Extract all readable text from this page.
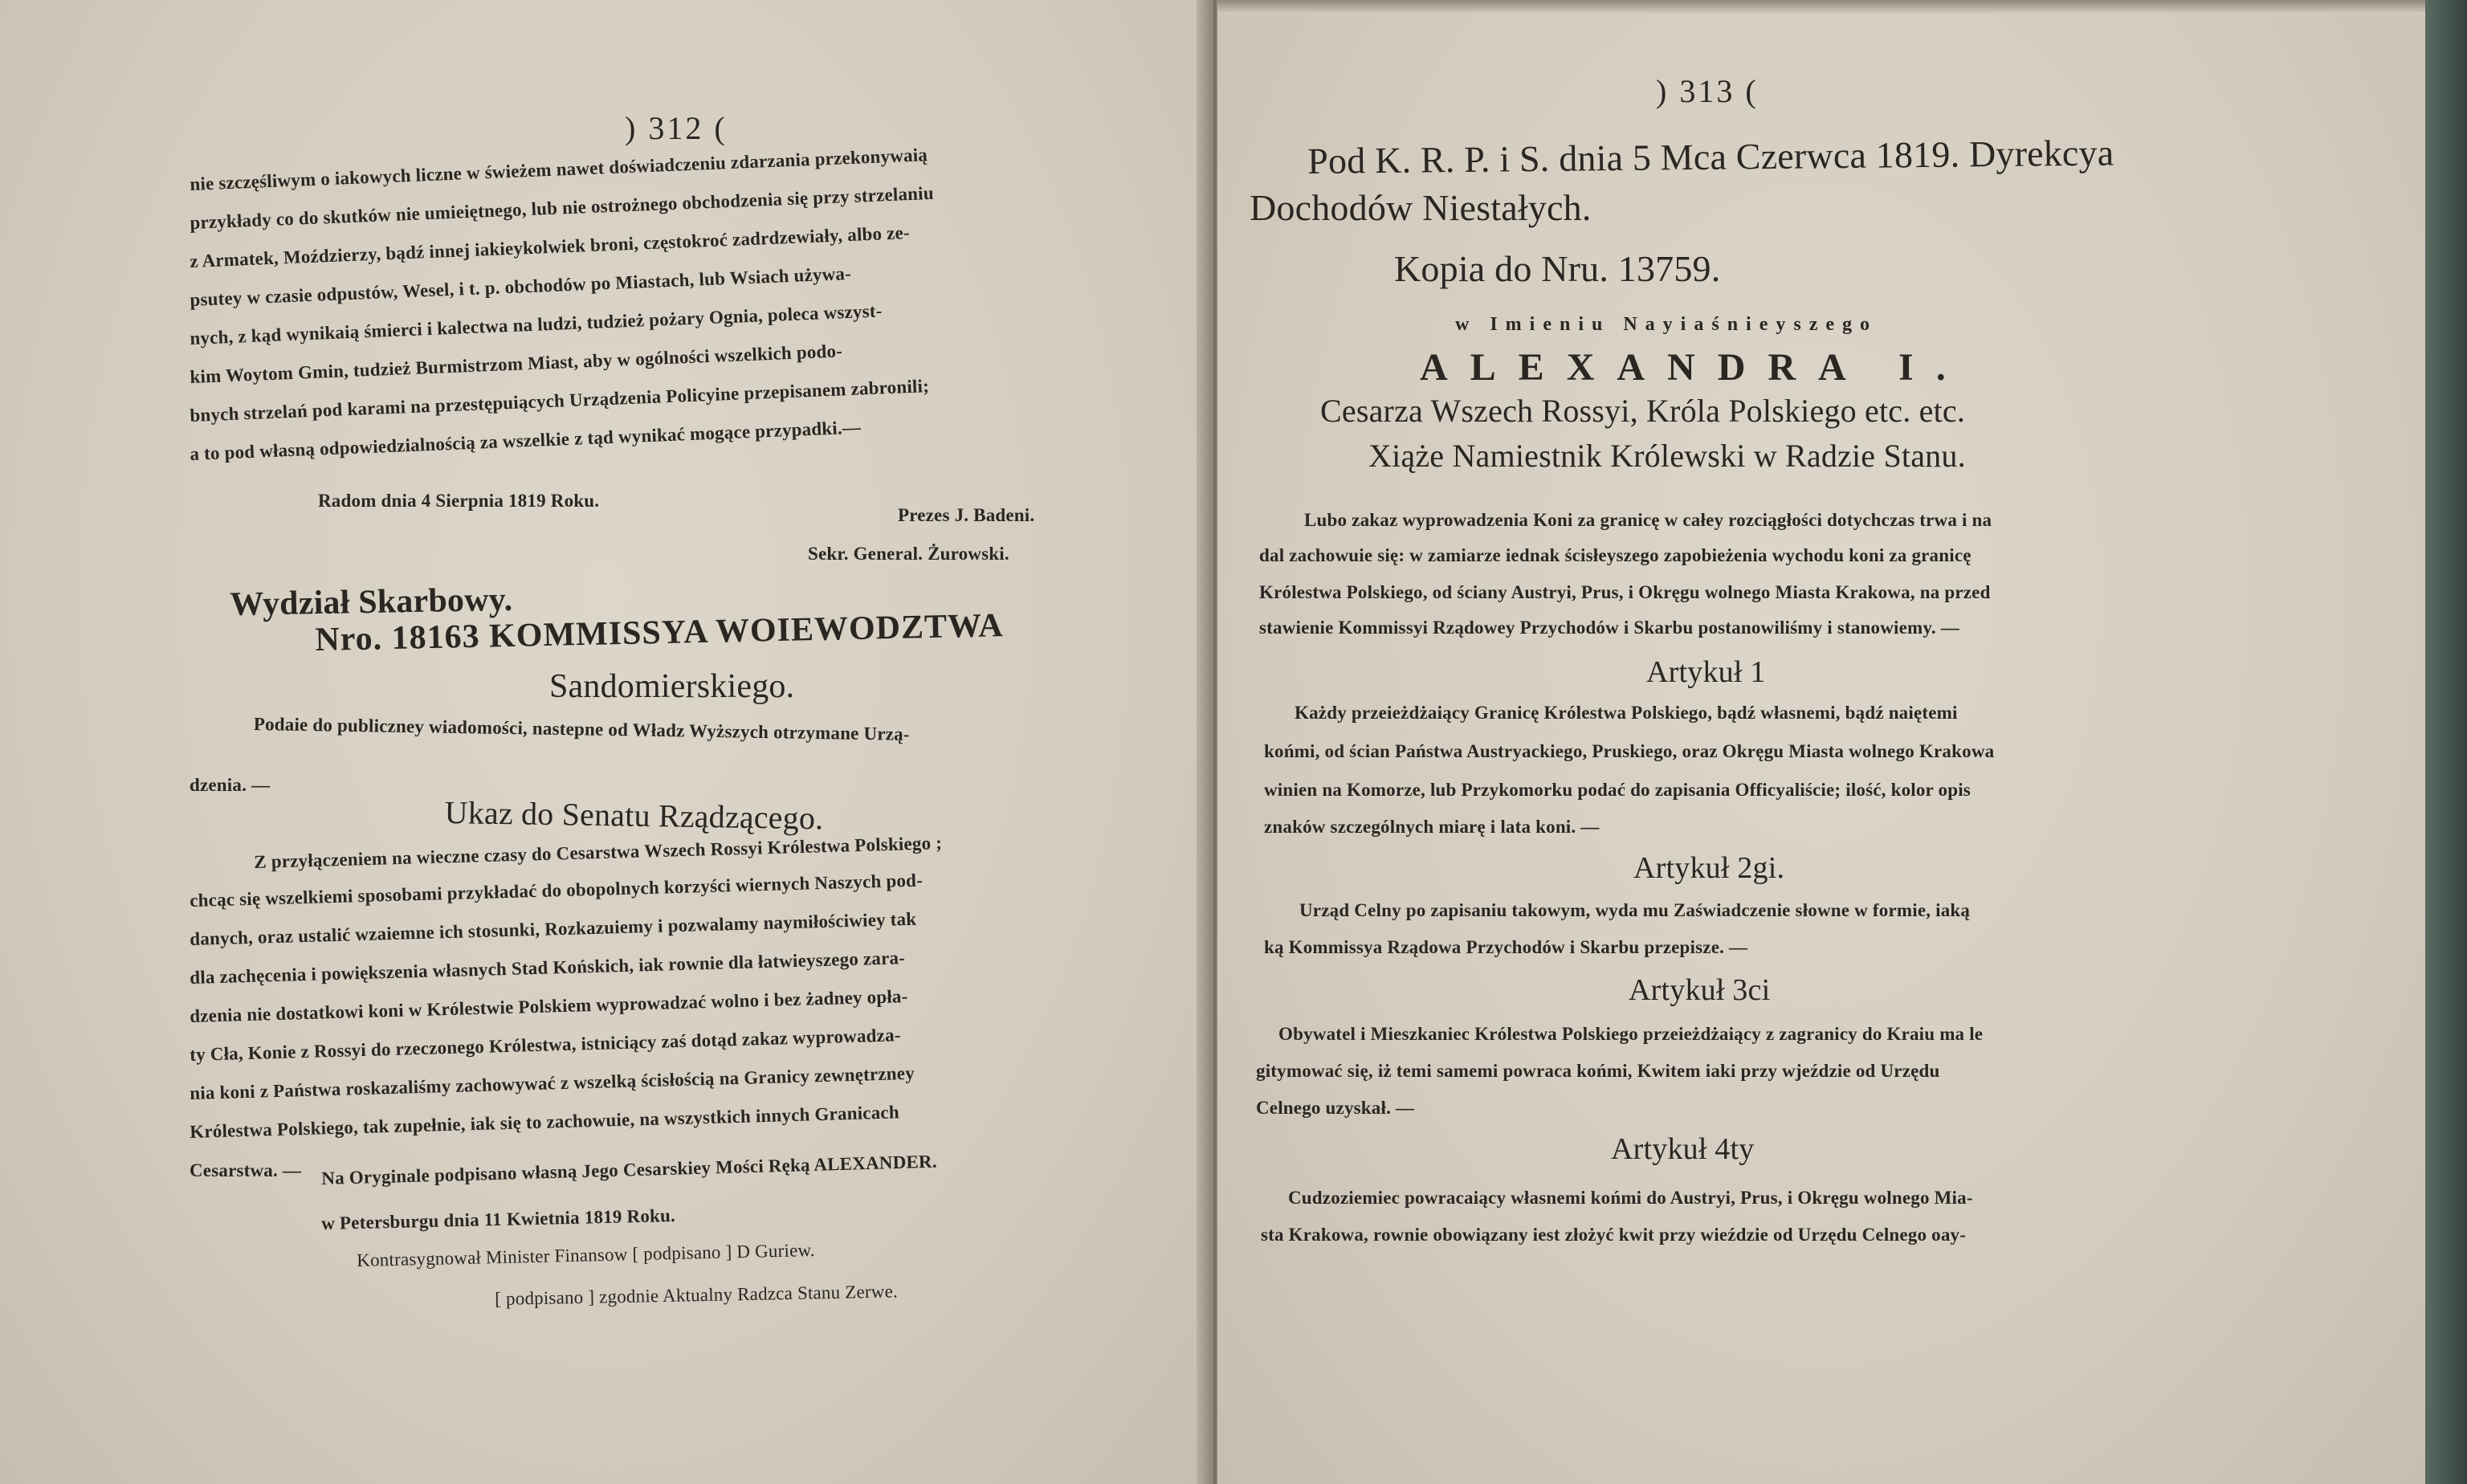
) 312 (
nie szczęśliwym o iakowych liczne w świeżem nawet doświadczeniu zdarzania przekonywaią
przykłady co do skutków nie umieiętnego, lub nie ostrożnego obchodzenia się przy strzelaniu
z Armatek, Moździerzy, bądź innej iakieykolwiek broni, częstokroć zadrdzewiały, albo ze-
psutey w czasie odpustów, Wesel, i t. p. obchodów po Miastach, lub Wsiach używa-
nych, z kąd wynikaią śmierci i kalectwa na ludzi, tudzież pożary Ognia, poleca wszyst-
kim Woytom Gmin, tudzież Burmistrzom Miast, aby w ogólności wszelkich podo-
bnych strzelań pod karami na przestępuiących Urządzenia Policyine przepisanem zabronili;
a to pod własną odpowiedzialnością za wszelkie z tąd wynikać mogące przypadki.—
Radom dnia 4 Sierpnia 1819 Roku.
Prezes J. Badeni.
Sekr. General. Żurowski.
Wydział Skarbowy.
Nro. 18163 KOMMISSYA WOIEWODZTWA
Sandomierskiego.
Podaie do publiczney wiadomości, nastepne od Władz Wyższych otrzymane Urzą-
dzenia. —
Ukaz do Senatu Rządzącego.
Z przyłączeniem na wieczne czasy do Cesarstwa Wszech Rossyi Królestwa Polskiego ;
chcąc się wszelkiemi sposobami przykładać do obopolnych korzyści wiernych Naszych pod-
danych, oraz ustalić wzaiemne ich stosunki, Rozkazuiemy i pozwalamy naymiłościwiey tak
dla zachęcenia i powiększenia własnych Stad Końskich, iak rownie dla łatwieyszego zara-
dzenia nie dostatkowi koni w Królestwie Polskiem wyprowadzać wolno i bez żadney opła-
ty Cła, Konie z Rossyi do rzeczonego Królestwa, istniciący zaś dotąd zakaz wyprowadza-
nia koni z Państwa roskazaliśmy zachowywać z wszelką ścisłością na Granicy zewnętrzney
Królestwa Polskiego, tak zupełnie, iak się to zachowuie, na wszystkich innych Granicach
Cesarstwa. — Na Oryginale podpisano własną Jego Cesarskiey Mości Ręką ALEXANDER.
w Petersburgu dnia 11 Kwietnia 1819 Roku.
Kontrasygnował Minister Finansow [ podpisano ] D Guriew.
[ podpisano ] zgodnie Aktualny Radzca Stanu Zerwe.
) 313 (
Pod K. R. P. i S. dnia 5 Mca Czerwca 1819. Dyrekcya
Dochodów Niestałych.
Kopia do Nru. 13759.
w Imieniu Nayiaśnieyszego
ALEXANDRA I.
Cesarza Wszech Rossyi, Króla Polskiego etc. etc.
Xiąże Namiestnik Królewski w Radzie Stanu.
Lubo zakaz wyprowadzenia Koni za granicę w całey rozciągłości dotychczas trwa i na
dal zachowuie się: w zamiarze iednak ścisłeyszego zapobieżenia wychodu koni za granicę
Królestwa Polskiego, od ściany Austryi, Prus, i Okręgu wolnego Miasta Krakowa, na przed
stawienie Kommissyi Rządowey Przychodów i Skarbu postanowiliśmy i stanowiemy. —
Artykuł 1
Każdy przeieżdżaiący Granicę Królestwa Polskiego, bądź własnemi, bądź naiętemi
końmi, od ścian Państwa Austryackiego, Pruskiego, oraz Okręgu Miasta wolnego Krakowa
winien na Komorze, lub Przykomorku podać do zapisania Officyaliście; ilość, kolor opis
znaków szczególnych miarę i lata koni. —
Artykuł 2gi.
Urząd Celny po zapisaniu takowym, wyda mu Zaświadczenie słowne w formie, iaką
ką Kommissya Rządowa Przychodów i Skarbu przepisze. —
Artykuł 3ci
Obywatel i Mieszkaniec Królestwa Polskiego przeieżdżaiący z zagranicy do Kraiu ma le
gitymować się, iż temi samemi powraca końmi, Kwitem iaki przy wjeździe od Urzędu
Celnego uzyskał. —
Artykuł 4ty
Cudzoziemiec powracaiący własnemi końmi do Austryi, Prus, i Okręgu wolnego Mia-
sta Krakowa, rownie obowiązany iest złożyć kwit przy wieździe od Urzędu Celnego oay-
